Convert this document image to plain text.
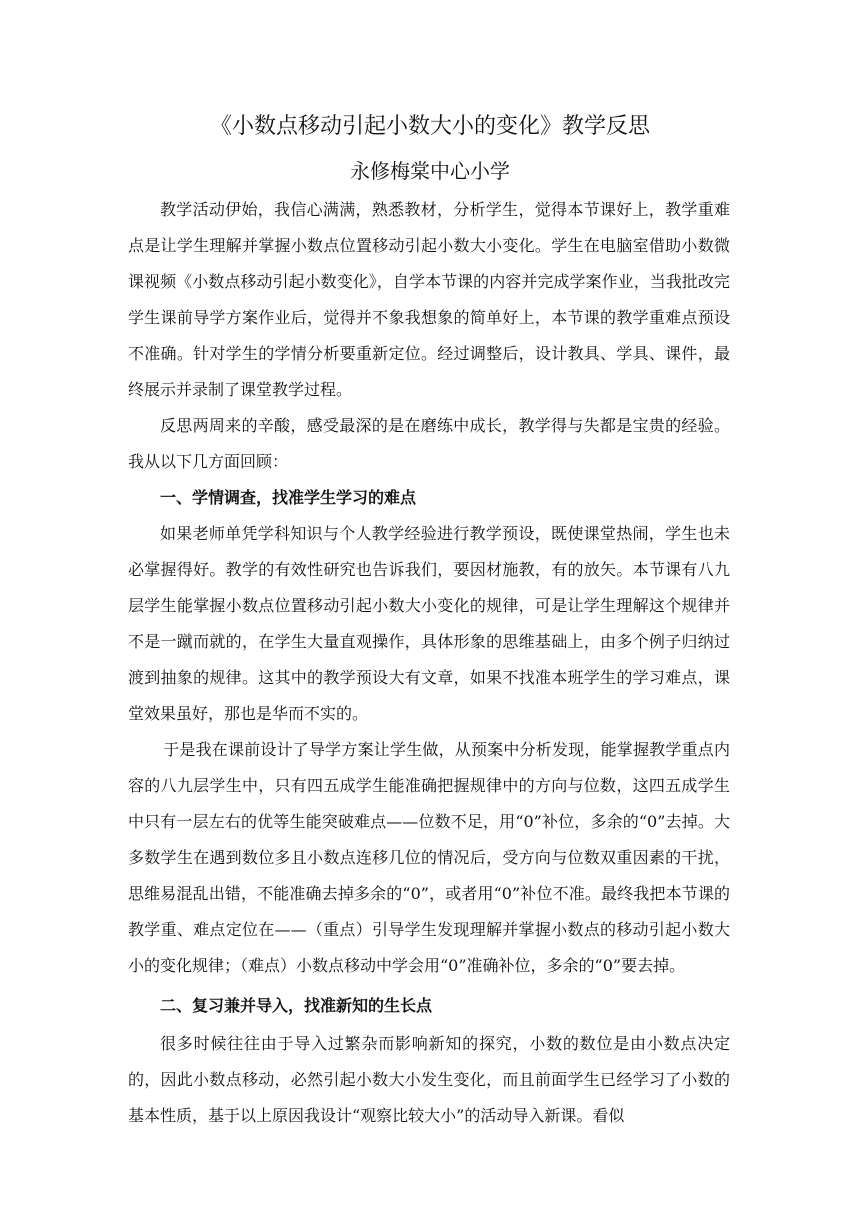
《小数点移动引起小数大小的变化》教学反思
永修梅棠中心小学

教学活动伊始，我信心满满，熟悉教材，分析学生，觉得本节课好上，教学重难点是让学生理解并掌握小数点位置移动引起小数大小变化。学生在电脑室借助小数微课视频《小数点移动引起小数变化》，自学本节课的内容并完成学案作业，当我批改完学生课前导学方案作业后，觉得并不象我想象的简单好上，本节课的教学重难点预设不准确。针对学生的学情分析要重新定位。经过调整后，设计教具、学具、课件，最终展示并录制了课堂教学过程。

反思两周来的辛酸，感受最深的是在磨练中成长，教学得与失都是宝贵的经验。我从以下几方面回顾：

一、学情调查，找准学生学习的难点

如果老师单凭学科知识与个人教学经验进行教学预设，既使课堂热闹，学生也未必掌握得好。教学的有效性研究也告诉我们，要因材施教，有的放矢。本节课有八九层学生能掌握小数点位置移动引起小数大小变化的规律，可是让学生理解这个规律并不是一蹴而就的，在学生大量直观操作，具体形象的思维基础上，由多个例子归纳过渡到抽象的规律。这其中的教学预设大有文章，如果不找准本班学生的学习难点，课堂效果虽好，那也是华而不实的。

于是我在课前设计了导学方案让学生做，从预案中分析发现，能掌握教学重点内容的八九层学生中，只有四五成学生能准确把握规律中的方向与位数，这四五成学生中只有一层左右的优等生能突破难点——位数不足，用“0”补位，多余的“0”去掉。大多数学生在遇到数位多且小数点连移几位的情况后，受方向与位数双重因素的干扰，思维易混乱出错，不能准确去掉多余的“0”，或者用“0”补位不准。最终我把本节课的教学重、难点定位在——（重点）引导学生发现理解并掌握小数点的移动引起小数大小的变化规律；（难点）小数点移动中学会用“0”准确补位，多余的“0”要去掉。

二、复习兼并导入，找准新知的生长点

很多时候往往由于导入过繁杂而影响新知的探究，小数的数位是由小数点决定的，因此小数点移动，必然引起小数大小发生变化，而且前面学生已经学习了小数的基本性质，基于以上原因我设计“观察比较大小”的活动导入新课。看似
